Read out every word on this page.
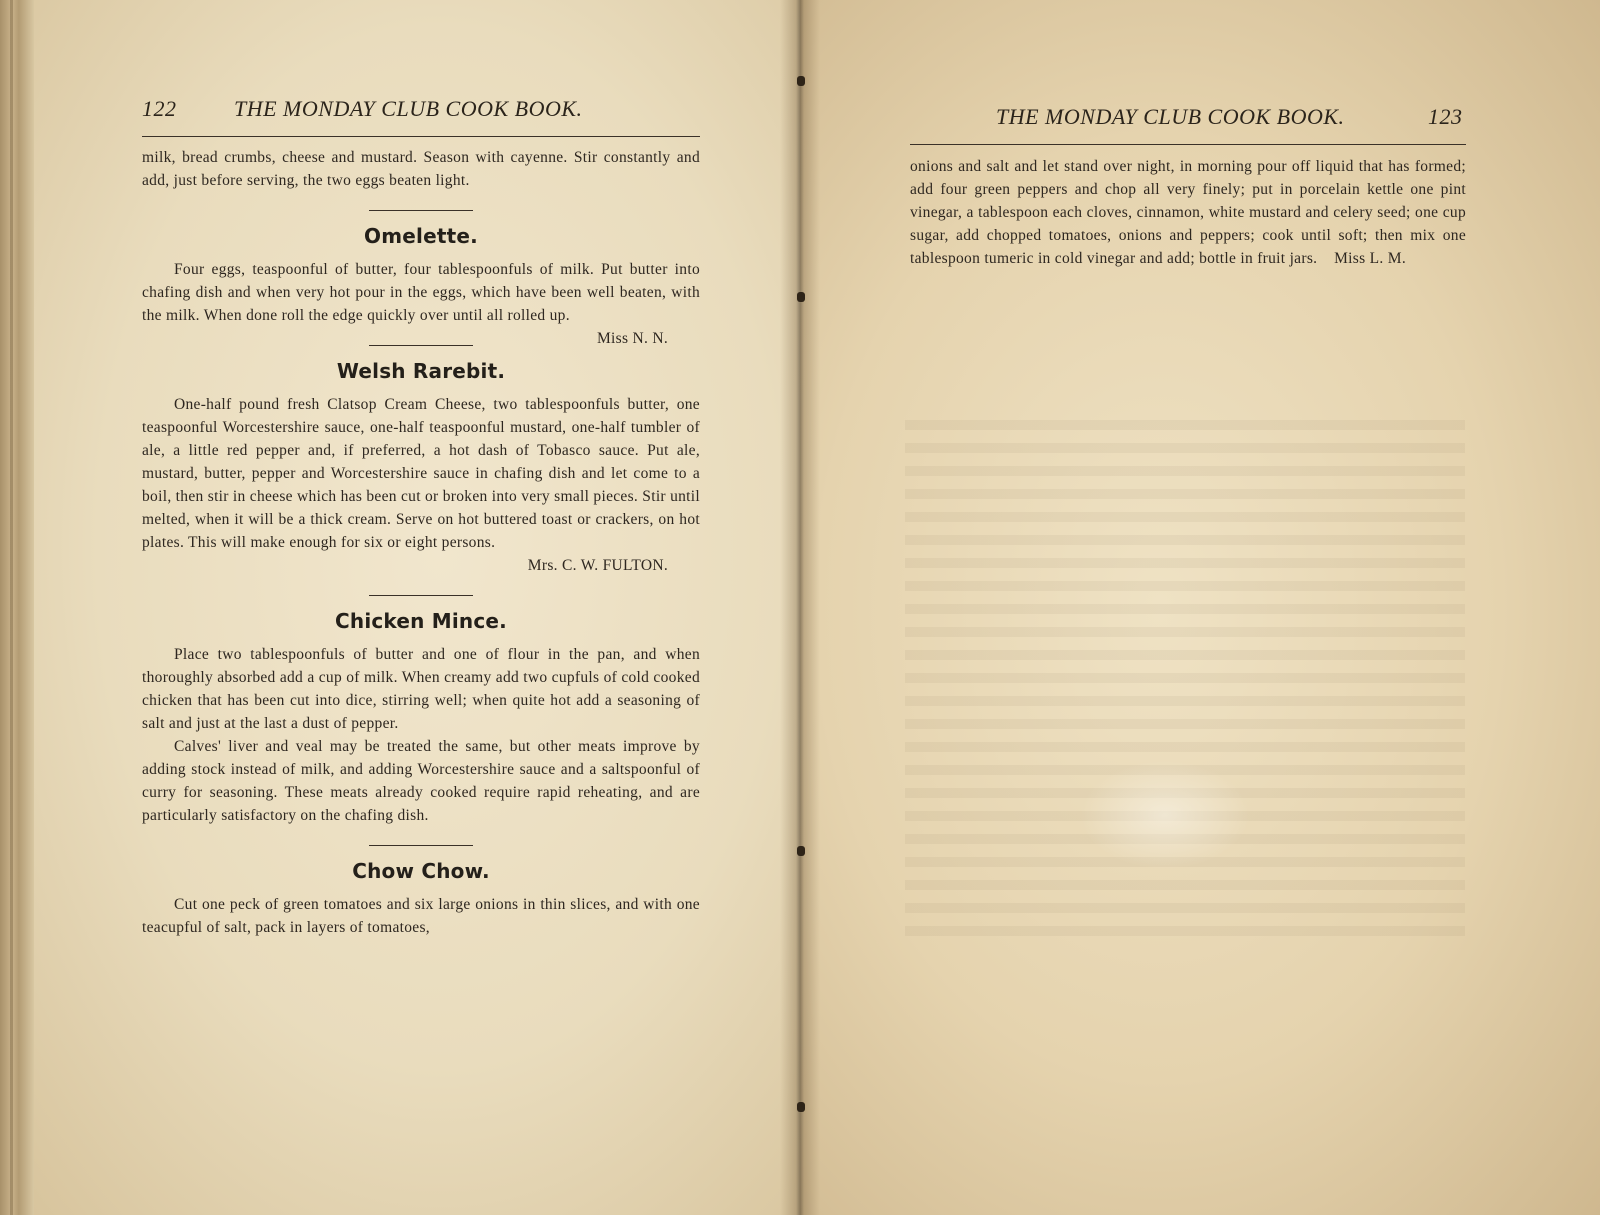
122	THE MONDAY CLUB COOK BOOK.

milk, bread crumbs, cheese and mustard. Season with cayenne. Stir constantly and add, just before serving, the two eggs beaten light.

Omelette.

Four eggs, teaspoonful of butter, four tablespoonfuls of milk. Put butter into chafing dish and when very hot pour in the eggs, which have been well beaten, with the milk. When done roll the edge quickly over until all rolled up.
Miss N. N.

Welsh Rarebit.

One-half pound fresh Clatsop Cream Cheese, two tablespoonfuls butter, one teaspoonful Worcestershire sauce, one-half teaspoonful mustard, one-half tumbler of ale, a little red pepper and, if preferred, a hot dash of Tobasco sauce. Put ale, mustard, butter, pepper and Worcestershire sauce in chafing dish and let come to a boil, then stir in cheese which has been cut or broken into very small pieces. Stir until melted, when it will be a thick cream. Serve on hot buttered toast or crackers, on hot plates. This will make enough for six or eight persons.

Mrs. C. W. FULTON.
Chicken Mince.

Place two tablespoonfuls of butter and one of flour in the pan, and when thoroughly absorbed add a cup of milk. When creamy add two cupfuls of cold cooked chicken that has been cut into dice, stirring well; when quite hot add a seasoning of salt and just at the last a dust of pepper.

Calves' liver and veal may be treated the same, but other meats improve by adding stock instead of milk, and adding Worcestershire sauce and a saltspoonful of curry for seasoning. These meats already cooked require rapid reheating, and are particularly satisfactory on the chafing dish.

Chow Chow.

Cut one peck of green tomatoes and six large onions in thin slices, and with one teacupful of salt, pack in layers of tomatoes,

THE MONDAY CLUB COOK BOOK.	123

onions and salt and let stand over night, in morning pour off liquid that has formed; add four green peppers and chop all very finely; put in porcelain kettle one pint vinegar, a tablespoon each cloves, cinnamon, white mustard and celery seed; one cup sugar, add chopped tomatoes, onions and peppers; cook until soft; then mix one tablespoon tumeric in cold vinegar and add; bottle in fruit jars. Miss L. M.
